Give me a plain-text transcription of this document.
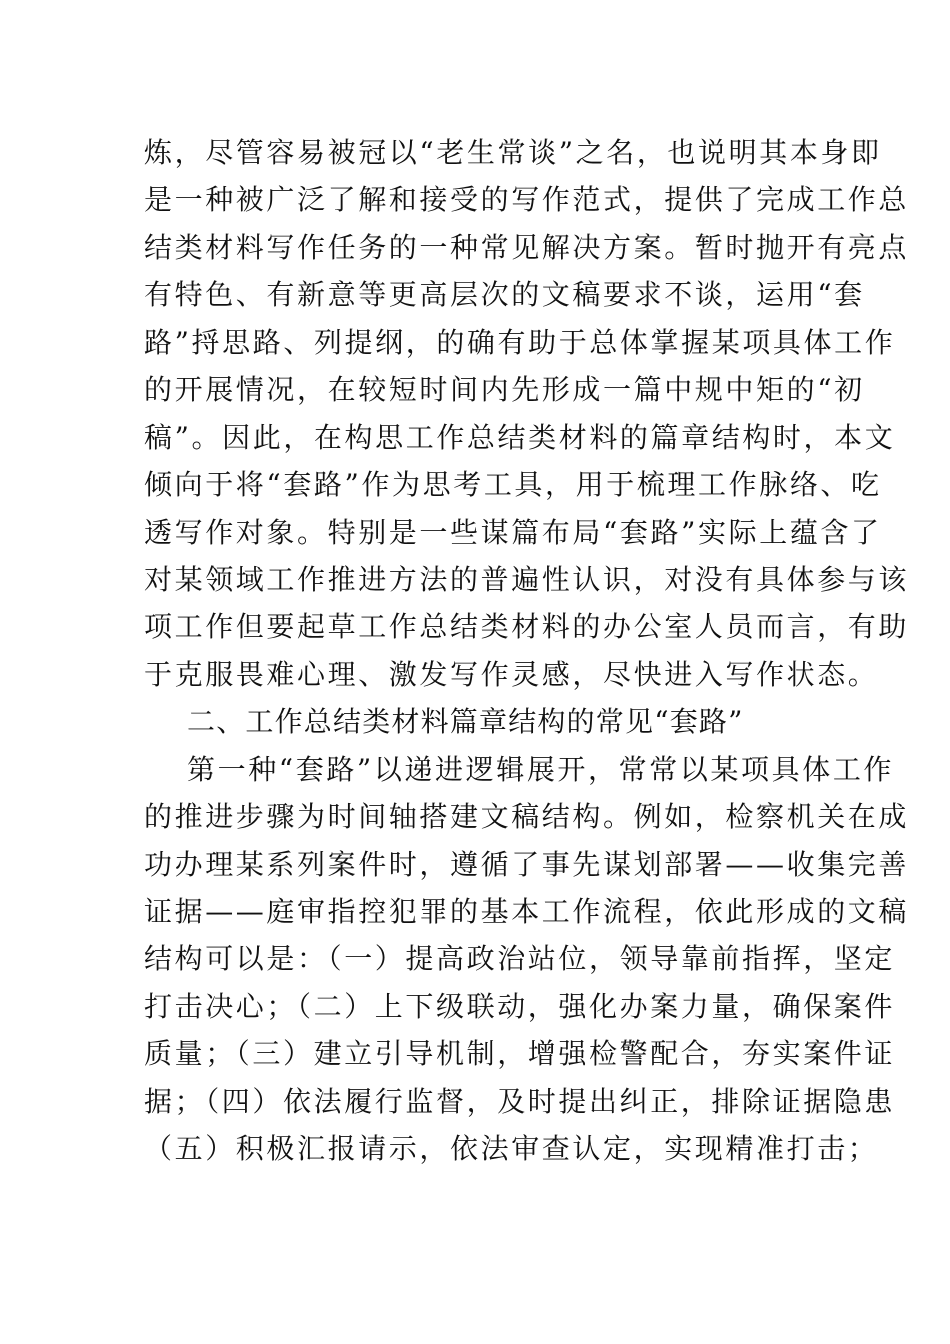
炼，尽管容易被冠以“老生常谈”之名，也说明其本身即
是一种被广泛了解和接受的写作范式，提供了完成工作总
结类材料写作任务的一种常见解决方案。暂时抛开有亮点
有特色、有新意等更高层次的文稿要求不谈，运用“套
路”捋思路、列提纲，的确有助于总体掌握某项具体工作
的开展情况，在较短时间内先形成一篇中规中矩的“初
稿”。因此，在构思工作总结类材料的篇章结构时，本文
倾向于将“套路”作为思考工具，用于梳理工作脉络、吃
透写作对象。特别是一些谋篇布局“套路”实际上蕴含了
对某领域工作推进方法的普遍性认识，对没有具体参与该
项工作但要起草工作总结类材料的办公室人员而言，有助
于克服畏难心理、激发写作灵感，尽快进入写作状态。
二、工作总结类材料篇章结构的常见“套路”
第一种“套路”以递进逻辑展开，常常以某项具体工作
的推进步骤为时间轴搭建文稿结构。例如，检察机关在成
功办理某系列案件时，遵循了事先谋划部署——收集完善
证据——庭审指控犯罪的基本工作流程，依此形成的文稿
结构可以是：（一）提高政治站位，领导靠前指挥，坚定
打击决心；（二）上下级联动，强化办案力量，确保案件
质量；（三）建立引导机制，增强检警配合，夯实案件证
据；（四）依法履行监督，及时提出纠正，排除证据隐患
（五）积极汇报请示，依法审查认定，实现精准打击；
